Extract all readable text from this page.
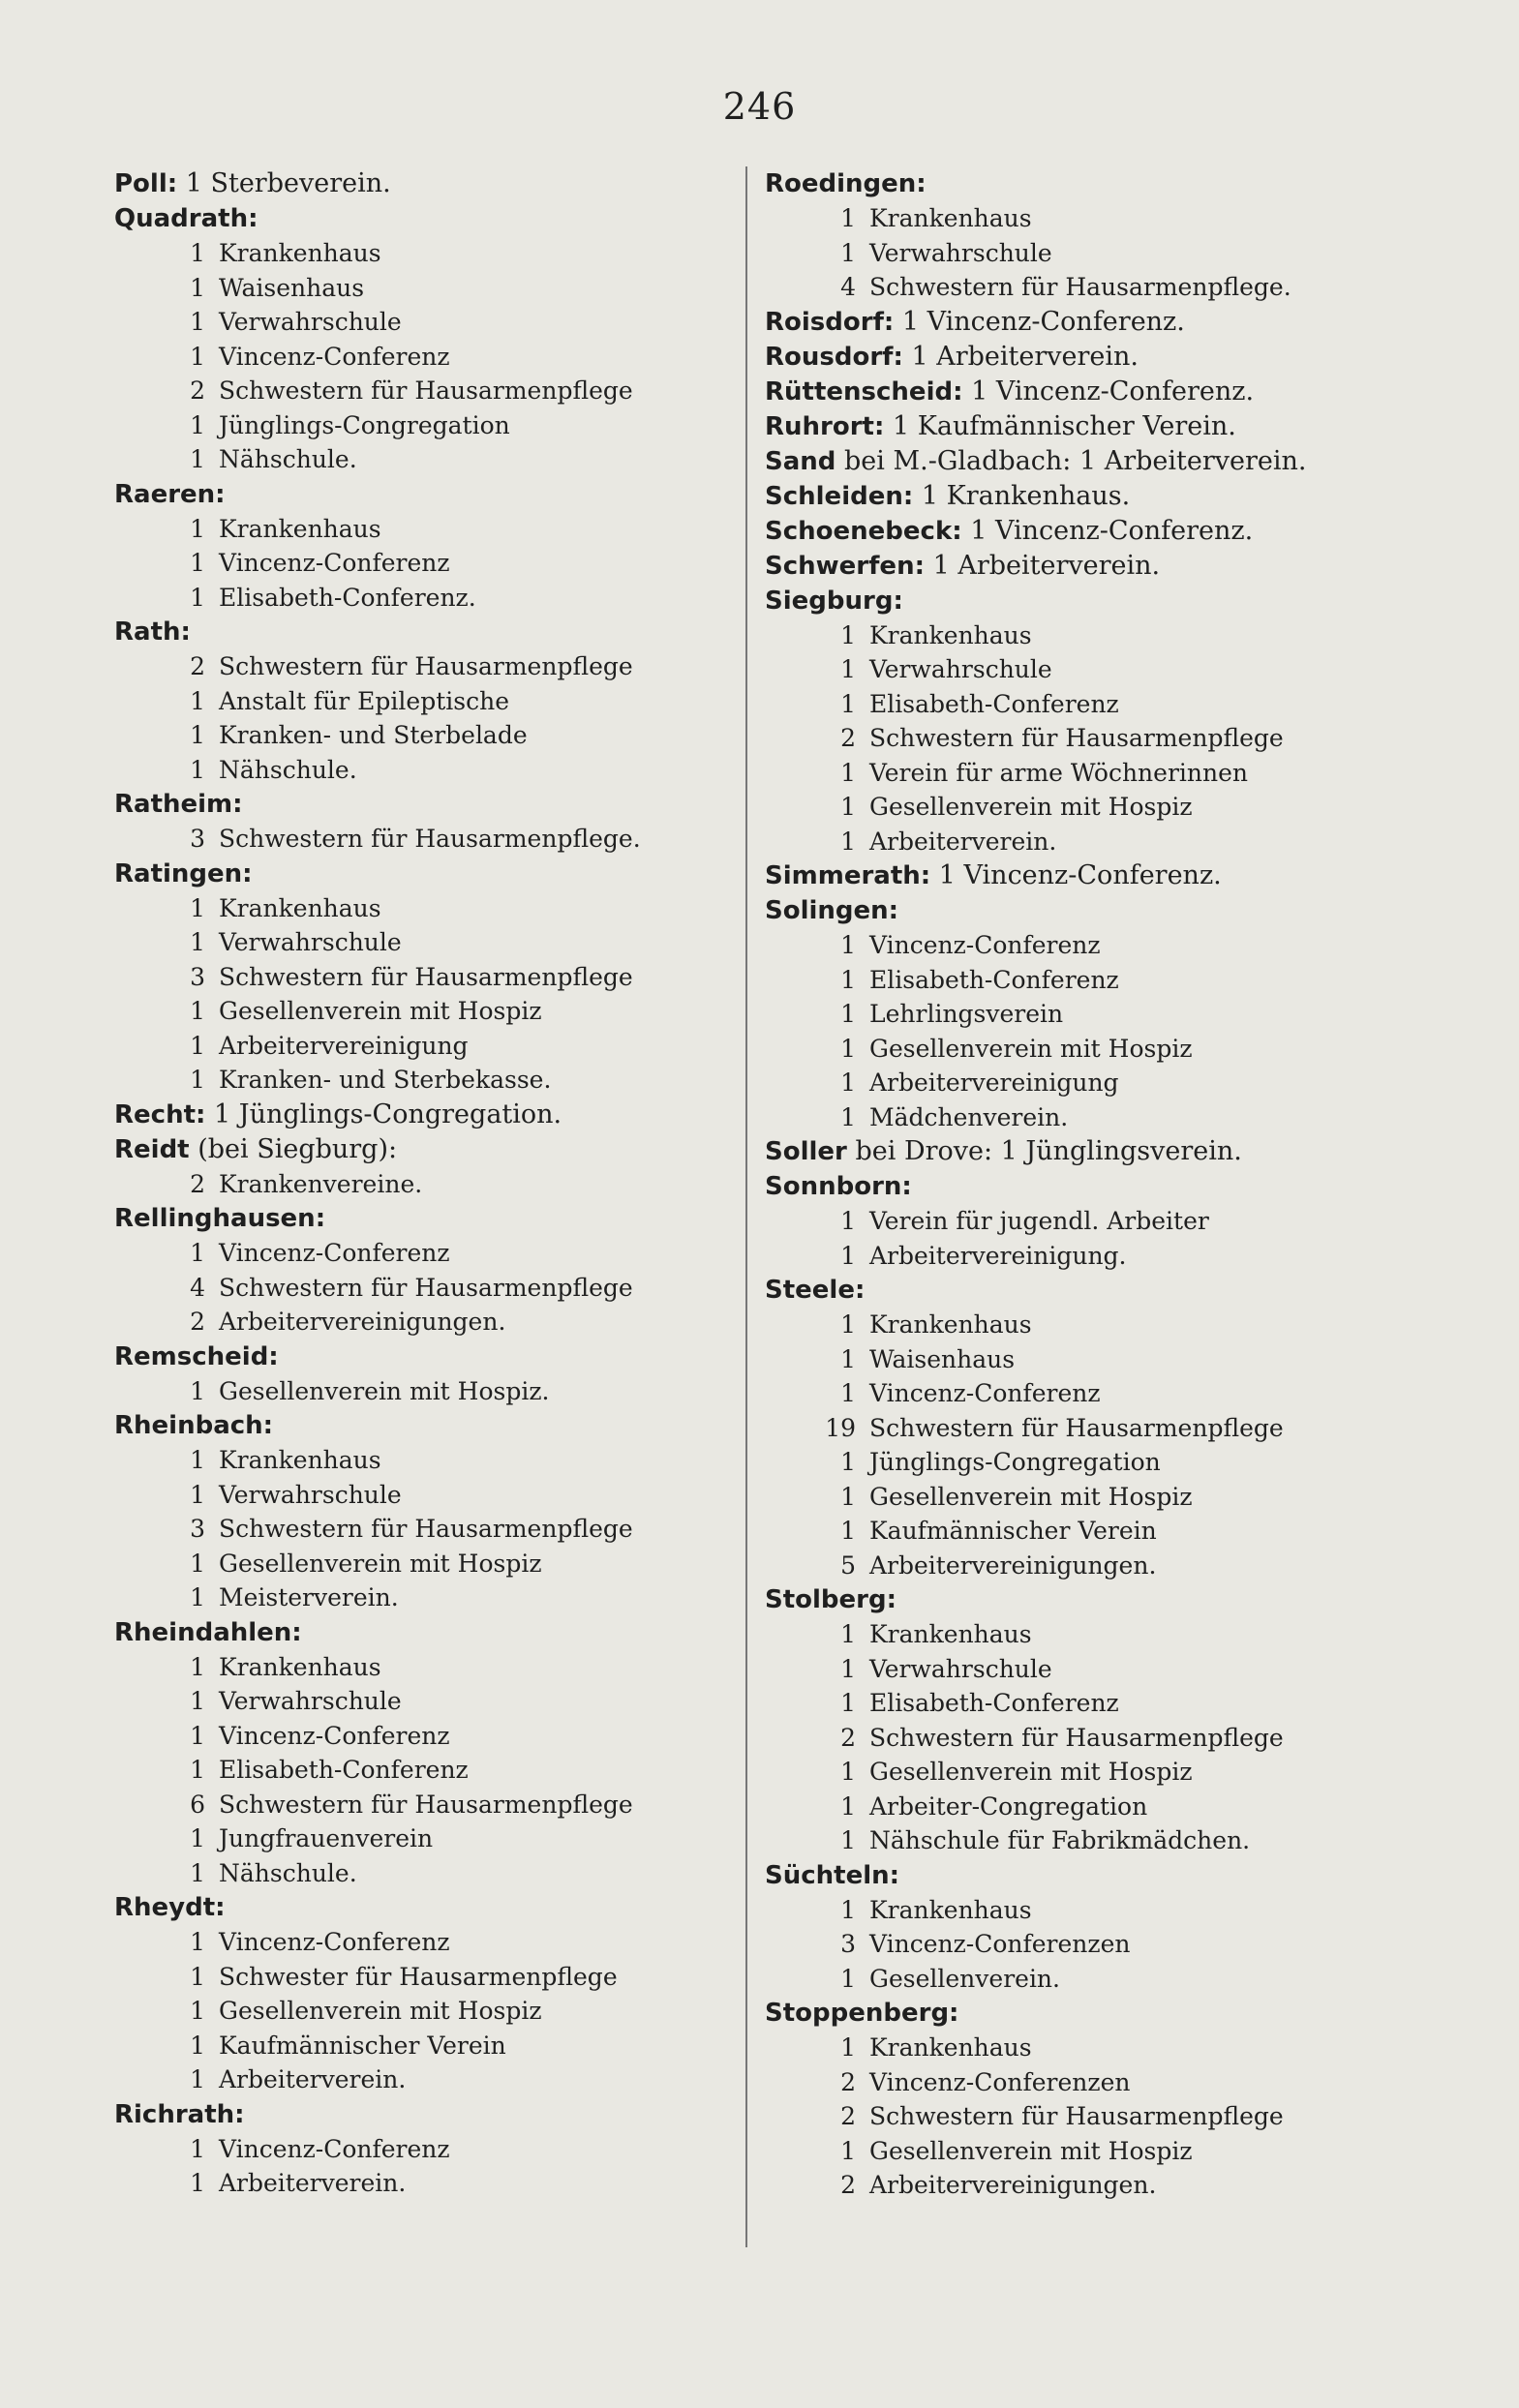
246
Poll: 1 Sterbeverein.
Quadrath:
1 Krankenhaus
1 Waisenhaus
1 Verwahrschule
1 Vincenz-Conferenz
2 Schwestern für Hausarmenpflege
1 Jünglings-Congregation
1 Nähschule.
Raeren:
1 Krankenhaus
1 Vincenz-Conferenz
1 Elisabeth-Conferenz.
Rath:
2 Schwestern für Hausarmenpflege
1 Anstalt für Epileptische
1 Kranken- und Sterbelade
1 Nähschule.
Ratheim:
3 Schwestern für Hausarmenpflege.
Ratingen:
1 Krankenhaus
1 Verwahrschule
3 Schwestern für Hausarmenpflege
1 Gesellenverein mit Hospiz
1 Arbeitervereinigung
1 Kranken- und Sterbekasse.
Recht: 1 Jünglings-Congregation.
Reidt (bei Siegburg):
2 Krankenvereine.
Rellinghausen:
1 Vincenz-Conferenz
4 Schwestern für Hausarmenpflege
2 Arbeitervereinigungen.
Remscheid:
1 Gesellenverein mit Hospiz.
Rheinbach:
1 Krankenhaus
1 Verwahrschule
3 Schwestern für Hausarmenpflege
1 Gesellenverein mit Hospiz
1 Meisterverein.
Rheindahlen:
1 Krankenhaus
1 Verwahrschule
1 Vincenz-Conferenz
1 Elisabeth-Conferenz
6 Schwestern für Hausarmenpflege
1 Jungfrauenverein
1 Nähschule.
Rheydt:
1 Vincenz-Conferenz
1 Schwester für Hausarmenpflege
1 Gesellenverein mit Hospiz
1 Kaufmännischer Verein
1 Arbeiterverein.
Richrath:
1 Vincenz-Conferenz
1 Arbeiterverein.
Roedingen:
1 Krankenhaus
1 Verwahrschule
4 Schwestern für Hausarmenpflege.
Roisdorf: 1 Vincenz-Conferenz.
Rousdorf: 1 Arbeiterverein.
Rüttenscheid: 1 Vincenz-Conferenz.
Ruhrort: 1 Kaufmännischer Verein.
Sand bei M.-Gladbach: 1 Arbeiterverein.
Schleiden: 1 Krankenhaus.
Schoenebeck: 1 Vincenz-Conferenz.
Schwerfen: 1 Arbeiterverein.
Siegburg:
1 Krankenhaus
1 Verwahrschule
1 Elisabeth-Conferenz
2 Schwestern für Hausarmenpflege
1 Verein für arme Wöchnerinnen
1 Gesellenverein mit Hospiz
1 Arbeiterverein.
Simmerath: 1 Vincenz-Conferenz.
Solingen:
1 Vincenz-Conferenz
1 Elisabeth-Conferenz
1 Lehrlingsverein
1 Gesellenverein mit Hospiz
1 Arbeitervereinigung
1 Mädchenverein.
Soller bei Drove: 1 Jünglingsverein.
Sonnborn:
1 Verein für jugendl. Arbeiter
1 Arbeitervereinigung.
Steele:
1 Krankenhaus
1 Waisenhaus
1 Vincenz-Conferenz
19 Schwestern für Hausarmenpflege
1 Jünglings-Congregation
1 Gesellenverein mit Hospiz
1 Kaufmännischer Verein
5 Arbeitervereinigungen.
Stolberg:
1 Krankenhaus
1 Verwahrschule
1 Elisabeth-Conferenz
2 Schwestern für Hausarmenpflege
1 Gesellenverein mit Hospiz
1 Arbeiter-Congregation
1 Nähschule für Fabrikmädchen.
Süchteln:
1 Krankenhaus
3 Vincenz-Conferenzen
1 Gesellenverein.
Stoppenberg:
1 Krankenhaus
2 Vincenz-Conferenzen
2 Schwestern für Hausarmenpflege
1 Gesellenverein mit Hospiz
2 Arbeitervereinigungen.
